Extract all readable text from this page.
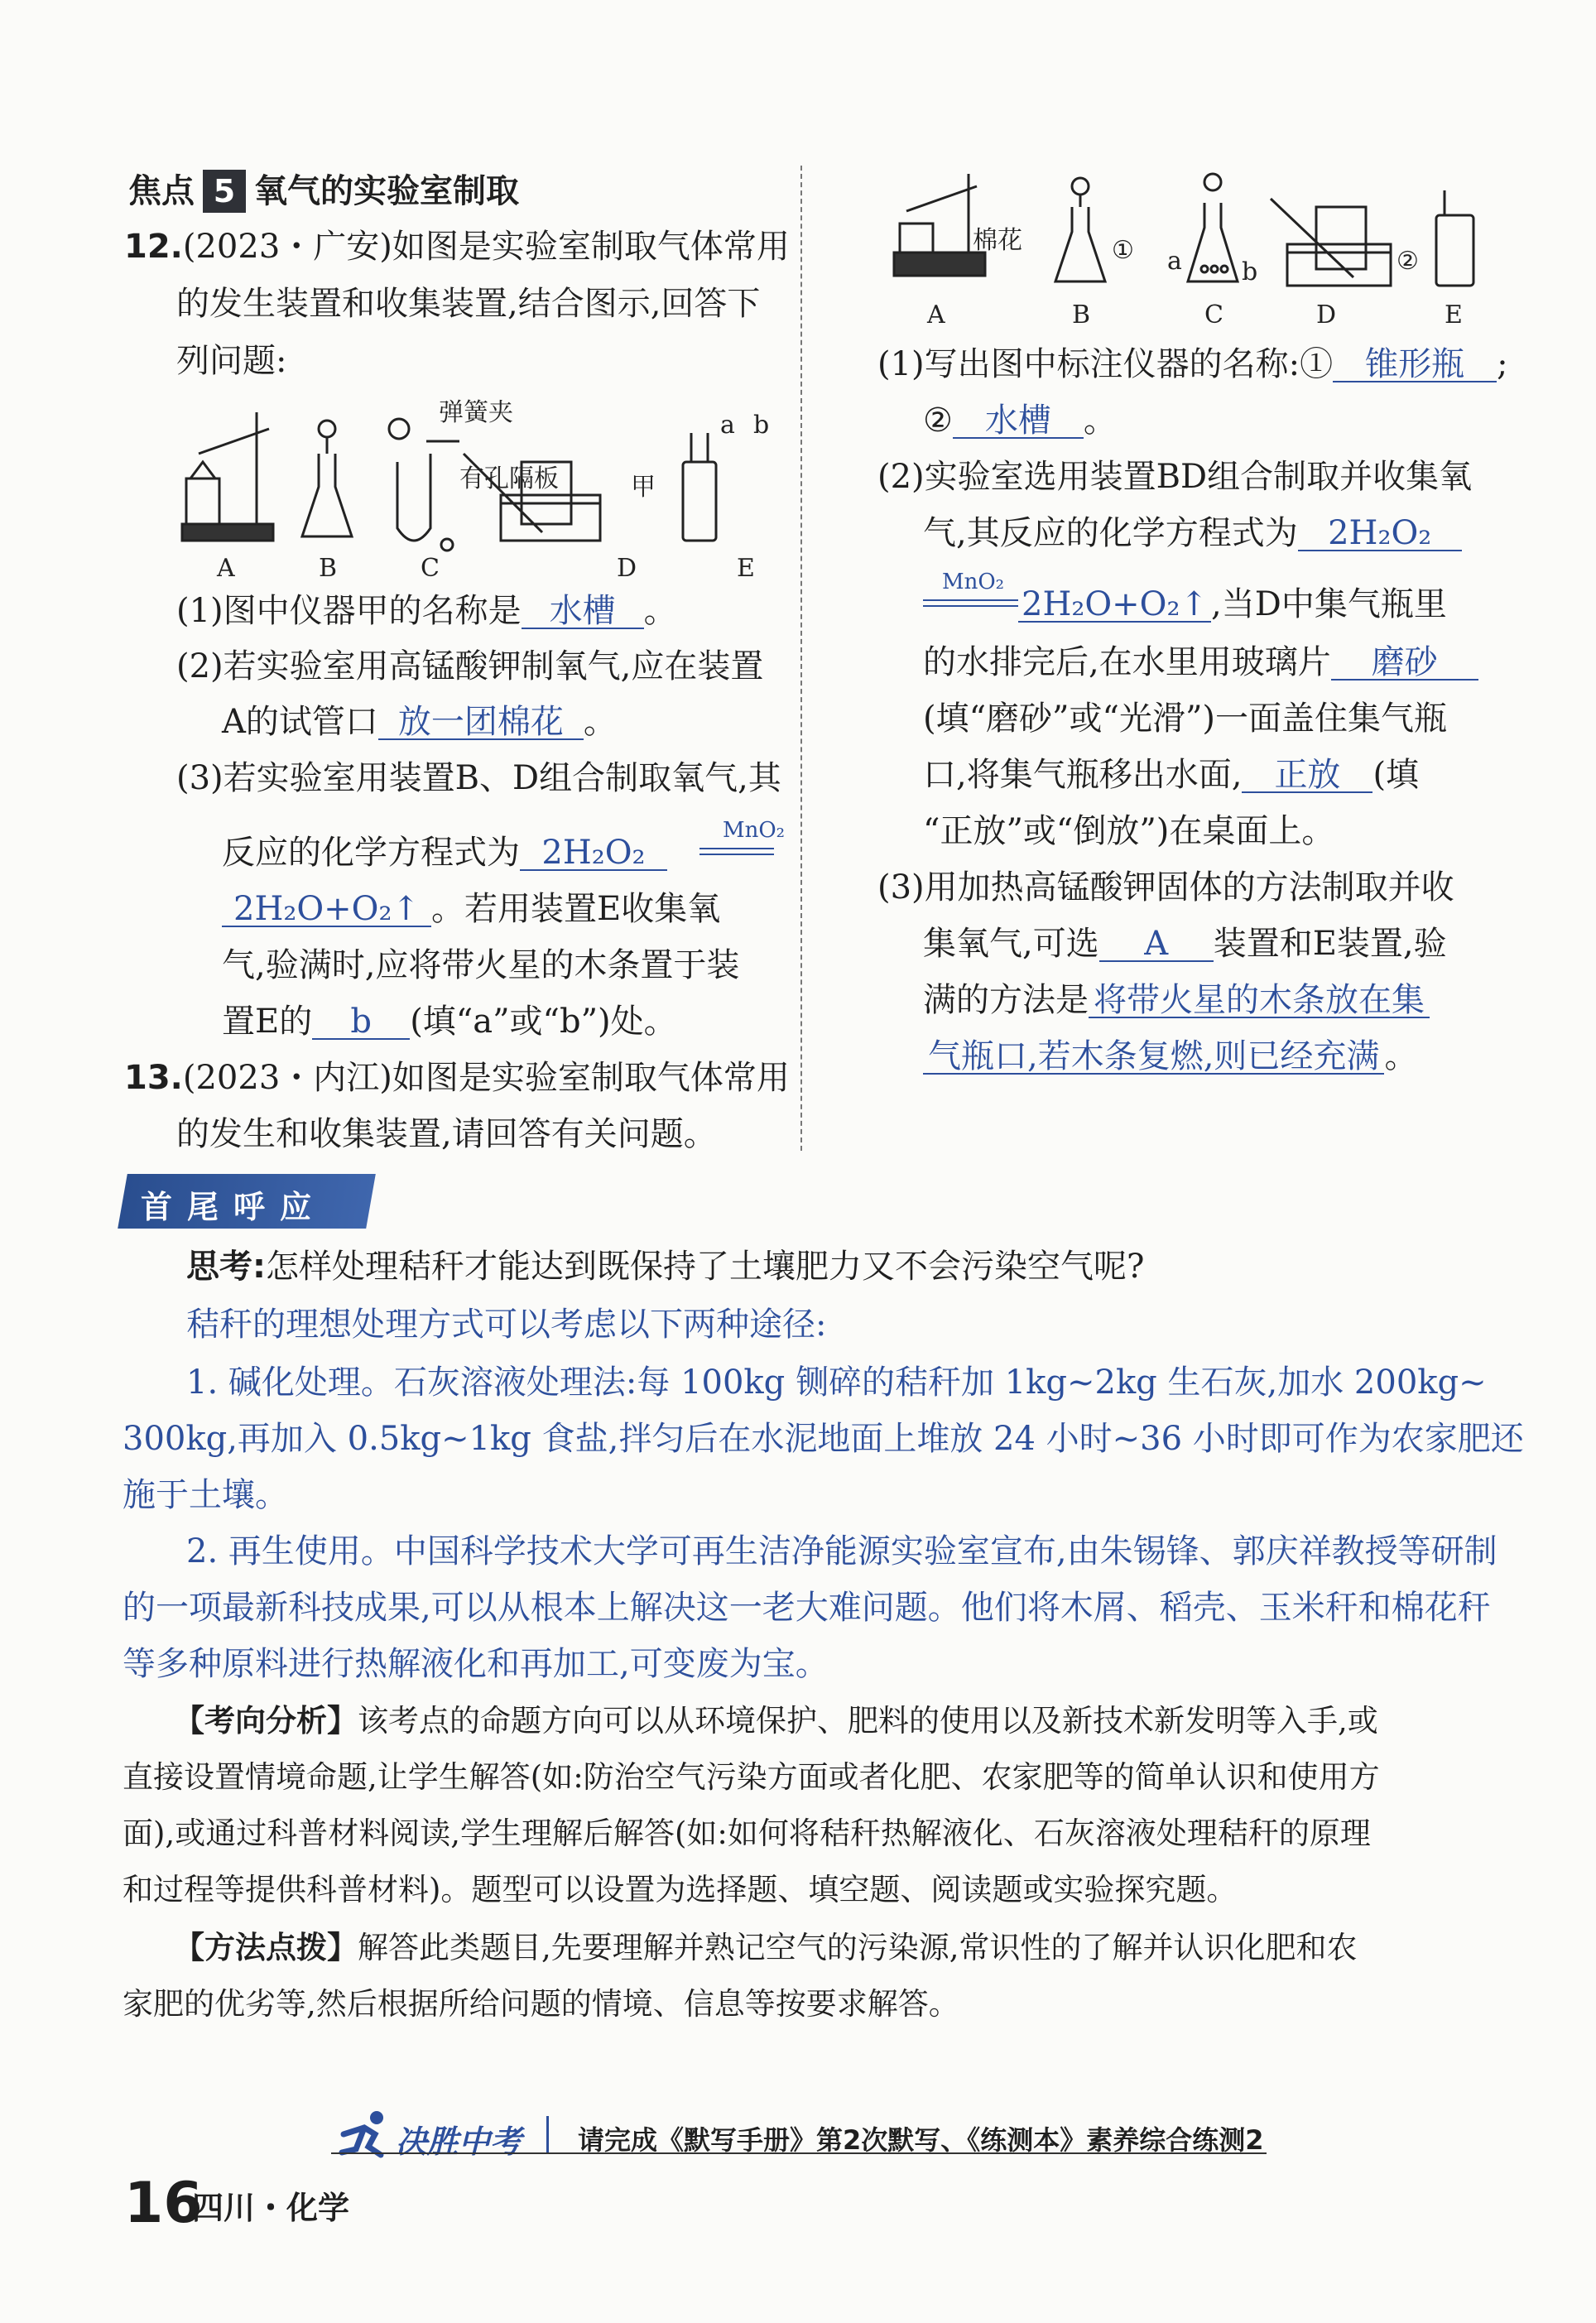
焦点 5 氧气的实验室制取
12.(2023・广安)如图是实验室制取气体常用
的发生装置和收集装置,结合图示,回答下
列问题:
A	B	C	D	E
弹簧夹
有孔隔板	甲
a b
(1)图中仪器甲的名称是 水槽 。
(2)若实验室用高锰酸钾制氧气,应在装置
A的试管口 放一团棉花 。
(3)若实验室用装置B、D组合制取氧气,其
反应的化学方程式为 2H₂O₂
MnO₂
2H₂O+O₂↑ 。若用装置E收集氧
气,验满时,应将带火星的木条置于装
置E的 b (填“a”或“b”)处。
13.(2023・内江)如图是实验室制取气体常用
的发生和收集装置,请回答有关问题。
棉花	① a b	②
A	B	C	D	E
(1)写出图中标注仪器的名称:① 锥形瓶 ;
② 水槽 。
(2)实验室选用装置BD组合制取并收集氧
气,其反应的化学方程式为 2H₂O₂
MnO₂
2H₂O+O₂↑ ,当D中集气瓶里
的水排完后,在水里用玻璃片 磨砂
(填“磨砂”或“光滑”)一面盖住集气瓶
口,将集气瓶移出水面, 正放 (填
“正放”或“倒放”)在桌面上。
(3)用加热高锰酸钾固体的方法制取并收
集氧气,可选 A 装置和E装置,验
满的方法是 将带火星的木条放在集
气瓶口,若木条复燃,则已经充满 。
首尾呼应
思考:怎样处理秸秆才能达到既保持了土壤肥力又不会污染空气呢?
秸秆的理想处理方式可以考虑以下两种途径:
1. 碱化处理。石灰溶液处理法:每 100kg 铡碎的秸秆加 1kg~2kg 生石灰,加水 200kg~
300kg,再加入 0.5kg~1kg 食盐,拌匀后在水泥地面上堆放 24 小时~36 小时即可作为农家肥还
施于土壤。
2. 再生使用。中国科学技术大学可再生洁净能源实验室宣布,由朱锡锋、郭庆祥教授等研制
的一项最新科技成果,可以从根本上解决这一老大难问题。他们将木屑、稻壳、玉米秆和棉花秆
等多种原料进行热解液化和再加工,可变废为宝。
【考向分析】该考点的命题方向可以从环境保护、肥料的使用以及新技术新发明等入手,或
直接设置情境命题,让学生解答(如:防治空气污染方面或者化肥、农家肥等的简单认识和使用方
面),或通过科普材料阅读,学生理解后解答(如:如何将秸秆热解液化、石灰溶液处理秸秆的原理
和过程等提供科普材料)。题型可以设置为选择题、填空题、阅读题或实验探究题。
【方法点拨】解答此类题目,先要理解并熟记空气的污染源,常识性的了解并认识化肥和农
家肥的优劣等,然后根据所给问题的情境、信息等按要求解答。
决胜中考 请完成《默写手册》第2次默写、《练测本》素养综合练测2
16
四川・化学
